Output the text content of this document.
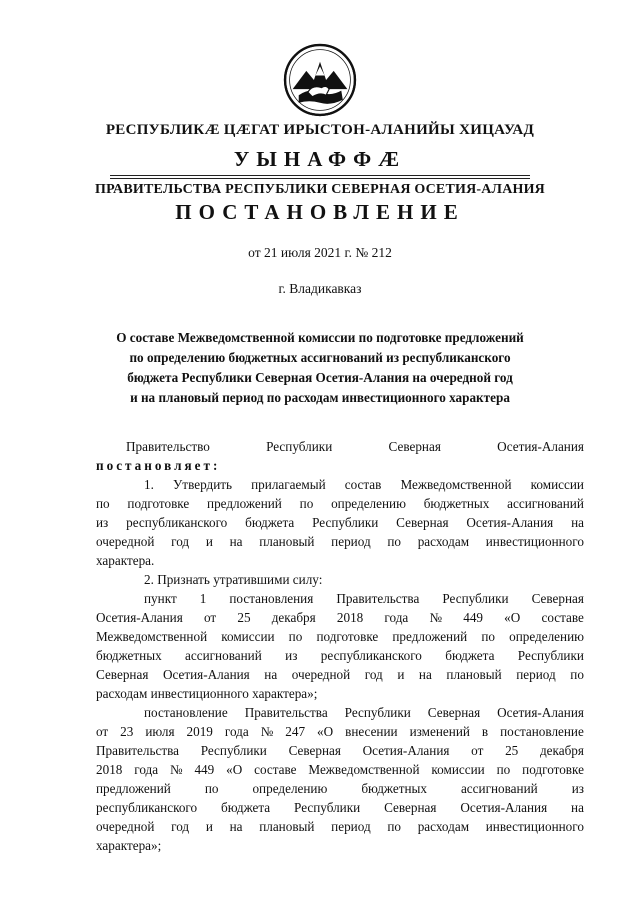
РЕСПУБЛИКӔ ЦӔГАТ ИРЫСТОН-АЛАНИЙЫ ХИЦАУАД
УЫНАФФӔ
ПРАВИТЕЛЬСТВА РЕСПУБЛИКИ СЕВЕРНАЯ ОСЕТИЯ-АЛАНИЯ
ПОСТАНОВЛЕНИЕ
от 21 июля 2021 г. № 212
г. Владикавказ
О составе Межведомственной комиссии по подготовке предложений
по определению бюджетных ассигнований из республиканского
бюджета Республики Северная Осетия-Алания на очередной год
и на плановый период по расходам инвестиционного характера
Правительство	Республики	Северная	Осетия-Алания
постановляет:
1. Утвердить прилагаемый состав Межведомственной комиссии
по подготовке предложений по определению бюджетных ассигнований
из республиканского бюджета Республики Северная Осетия-Алания на
очередной год и на плановый период по расходам инвестиционного
характера.
2. Признать утратившими силу:
пункт 1 постановления Правительства Республики Северная
Осетия-Алания от 25 декабря 2018 года № 449 «О составе
Межведомственной комиссии по подготовке предложений по определению
бюджетных ассигнований из республиканского бюджета Республики
Северная Осетия-Алания на очередной год и на плановый период по
расходам инвестиционного характера»;
постановление Правительства Республики Северная Осетия-Алания
от 23 июля 2019 года № 247 «О внесении изменений в постановление
Правительства Республики Северная Осетия-Алания от 25 декабря
2018 года № 449 «О составе Межведомственной комиссии по подготовке
предложений	по	определению	бюджетных	ассигнований	из
республиканского бюджета Республики Северная Осетия-Алания на
очередной год и на плановый период по расходам инвестиционного
характера»;
